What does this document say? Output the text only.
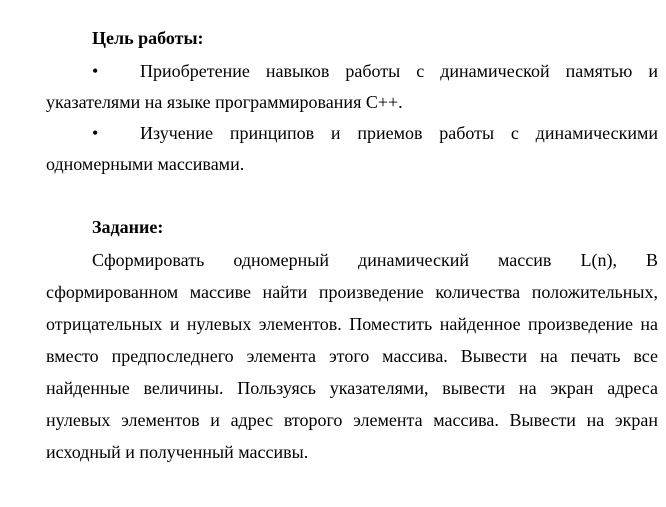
Цель работы:
• Приобретение навыков работы с динамической памятью и
указателями на языке программирования С++.
• Изучение принципов и приемов работы с динамическими
одномерными массивами.
Задание:
Сформировать одномерный динамический массив L(n), В
сформированном массиве найти произведение количества положительных,
отрицательных и нулевых элементов. Поместить найденное произведение на
вместо предпоследнего элемента этого массива. Вывести на печать все
найденные величины. Пользуясь указателями, вывести на экран адреса
нулевых элементов и адрес второго элемента массива. Вывести на экран
исходный и полученный массивы.
